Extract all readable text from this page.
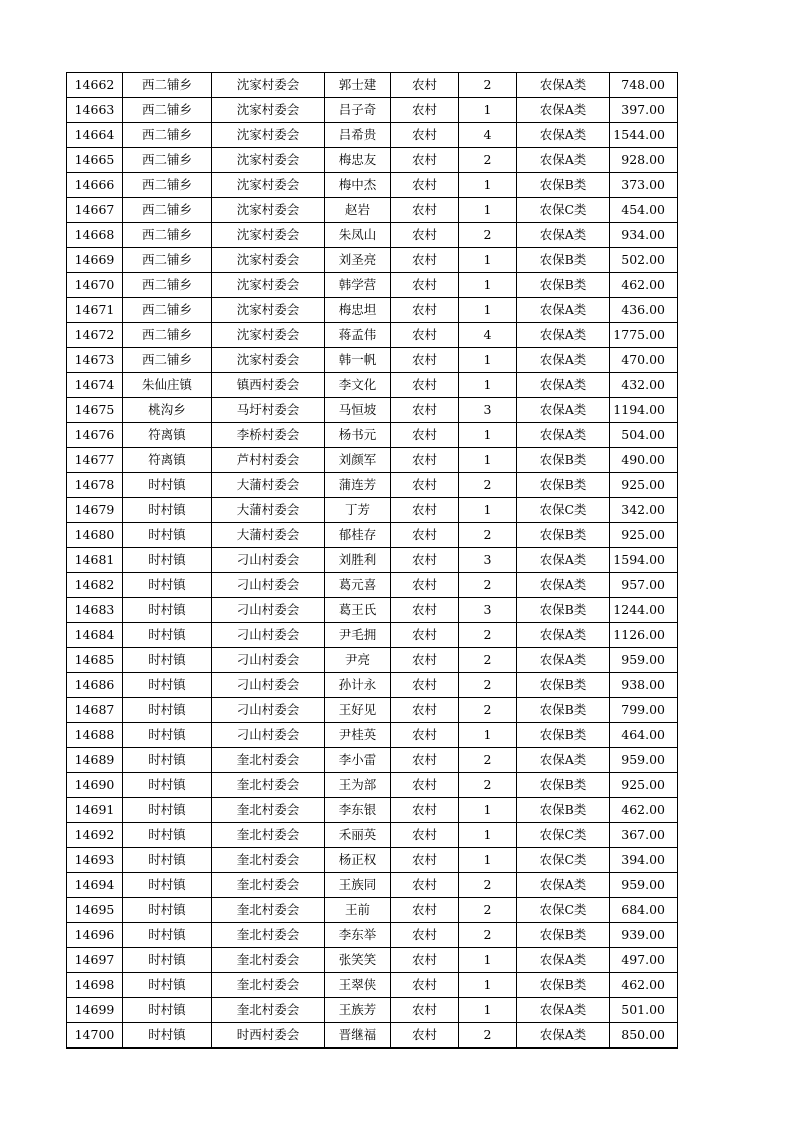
14662	西二铺乡	沈家村委会	郭士建	农村	2	农保A类	748.00
14663	西二铺乡	沈家村委会	吕子奇	农村	1	农保A类	397.00
14664	西二铺乡	沈家村委会	吕希贵	农村	4	农保A类	1544.00
14665	西二铺乡	沈家村委会	梅忠友	农村	2	农保A类	928.00
14666	西二铺乡	沈家村委会	梅中杰	农村	1	农保B类	373.00
14667	西二铺乡	沈家村委会	赵岩	农村	1	农保C类	454.00
14668	西二铺乡	沈家村委会	朱凤山	农村	2	农保A类	934.00
14669	西二铺乡	沈家村委会	刘圣亮	农村	1	农保B类	502.00
14670	西二铺乡	沈家村委会	韩学营	农村	1	农保B类	462.00
14671	西二铺乡	沈家村委会	梅忠坦	农村	1	农保A类	436.00
14672	西二铺乡	沈家村委会	蒋孟伟	农村	4	农保A类	1775.00
14673	西二铺乡	沈家村委会	韩一帆	农村	1	农保A类	470.00
14674	朱仙庄镇	镇西村委会	李文化	农村	1	农保A类	432.00
14675	桃沟乡	马圩村委会	马恒坡	农村	3	农保A类	1194.00
14676	符离镇	李桥村委会	杨书元	农村	1	农保A类	504.00
14677	符离镇	芦村村委会	刘颜军	农村	1	农保B类	490.00
14678	时村镇	大蒲村委会	蒲连芳	农村	2	农保B类	925.00
14679	时村镇	大蒲村委会	丁芳	农村	1	农保C类	342.00
14680	时村镇	大蒲村委会	郁桂存	农村	2	农保B类	925.00
14681	时村镇	刁山村委会	刘胜利	农村	3	农保A类	1594.00
14682	时村镇	刁山村委会	葛元喜	农村	2	农保A类	957.00
14683	时村镇	刁山村委会	葛王氏	农村	3	农保B类	1244.00
14684	时村镇	刁山村委会	尹毛拥	农村	2	农保A类	1126.00
14685	时村镇	刁山村委会	尹亮	农村	2	农保A类	959.00
14686	时村镇	刁山村委会	孙计永	农村	2	农保B类	938.00
14687	时村镇	刁山村委会	王好见	农村	2	农保B类	799.00
14688	时村镇	刁山村委会	尹桂英	农村	1	农保B类	464.00
14689	时村镇	奎北村委会	李小雷	农村	2	农保A类	959.00
14690	时村镇	奎北村委会	王为部	农村	2	农保B类	925.00
14691	时村镇	奎北村委会	李东银	农村	1	农保B类	462.00
14692	时村镇	奎北村委会	禾丽英	农村	1	农保C类	367.00
14693	时村镇	奎北村委会	杨正权	农村	1	农保C类	394.00
14694	时村镇	奎北村委会	王族同	农村	2	农保A类	959.00
14695	时村镇	奎北村委会	王前	农村	2	农保C类	684.00
14696	时村镇	奎北村委会	李东举	农村	2	农保B类	939.00
14697	时村镇	奎北村委会	张笑笑	农村	1	农保A类	497.00
14698	时村镇	奎北村委会	王翠侠	农村	1	农保B类	462.00
14699	时村镇	奎北村委会	王族芳	农村	1	农保A类	501.00
14700	时村镇	时西村委会	晋继福	农村	2	农保A类	850.00
